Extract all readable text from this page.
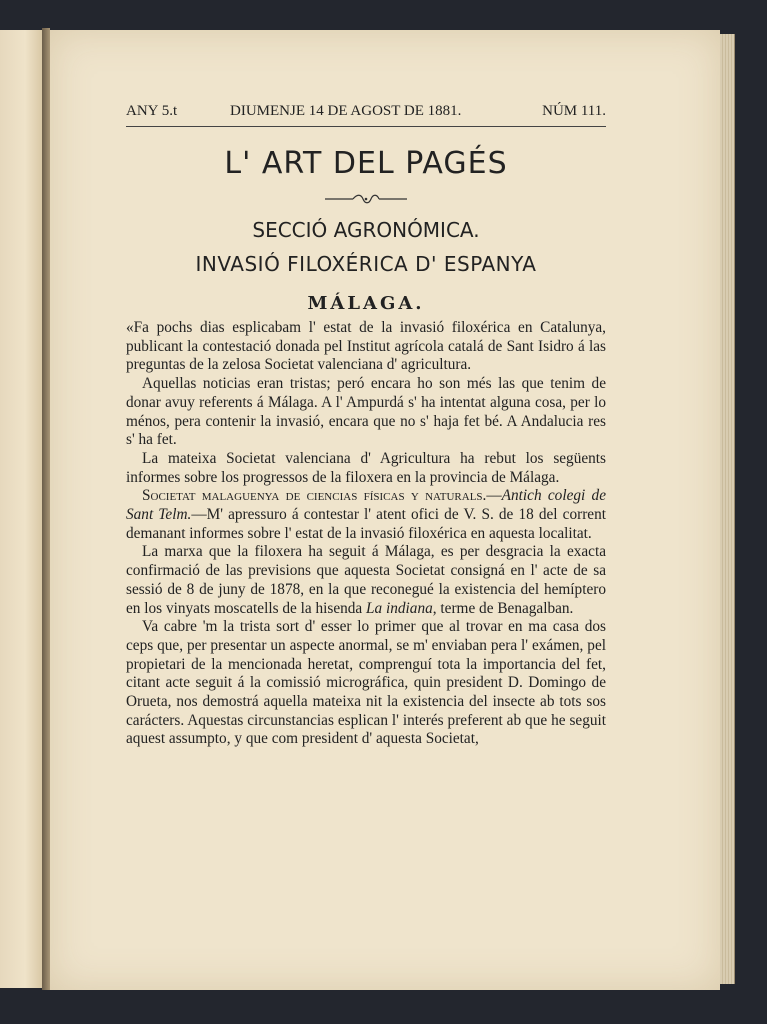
ANY 5.t	DIUMENJE 14 DE AGOST DE 1881.	NÚM 111.
L' ART DEL PAGÉS
SECCIÓ AGRONÓMICA.
INVASIÓ FILOXÉRICA D' ESPANYA
MÁLAGA.

«Fa pochs dias esplicabam l' estat de la invasió filoxérica en Catalunya, publicant la contestació donada pel Institut agrícola catalá de Sant Isidro á las preguntas de la zelosa Societat valenciana d' agricultura.

Aquellas noticias eran tristas; peró encara ho son més las que tenim de donar avuy referents á Málaga. A l' Ampurdá s' ha intentat alguna cosa, per lo ménos, pera contenir la invasió, encara que no s' haja fet bé. A Andalucia res s' ha fet.

La mateixa Societat valenciana d' Agricultura ha rebut los següents informes sobre los progressos de la filoxera en la provincia de Málaga.

Societat malaguenya de ciencias físicas y naturals.—Antich colegi de Sant Telm.—M' apressuro á contestar l' atent ofici de V. S. de 18 del corrent demanant informes sobre l' estat de la invasió filoxérica en aquesta localitat.

La marxa que la filoxera ha seguit á Málaga, es per desgracia la exacta confirmació de las previsions que aquesta Societat consigná en l' acte de sa sessió de 8 de juny de 1878, en la que reconegué la existencia del hemíptero en los vinyats moscatells de la hisenda La indiana, terme de Benagalban.

Va cabre 'm la trista sort d' esser lo primer que al trovar en ma casa dos ceps que, per presentar un aspecte anormal, se m' enviaban pera l' exámen, pel propietari de la mencionada heretat, comprenguí tota la importancia del fet, citant acte seguit á la comissió micrográfica, quin president D. Domingo de Orueta, nos demostrá aquella mateixa nit la existencia del insecte ab tots sos carácters. Aquestas circunstancias esplican l' interés preferent ab que he seguit aquest assumpto, y que com president d' aquesta Societat,
